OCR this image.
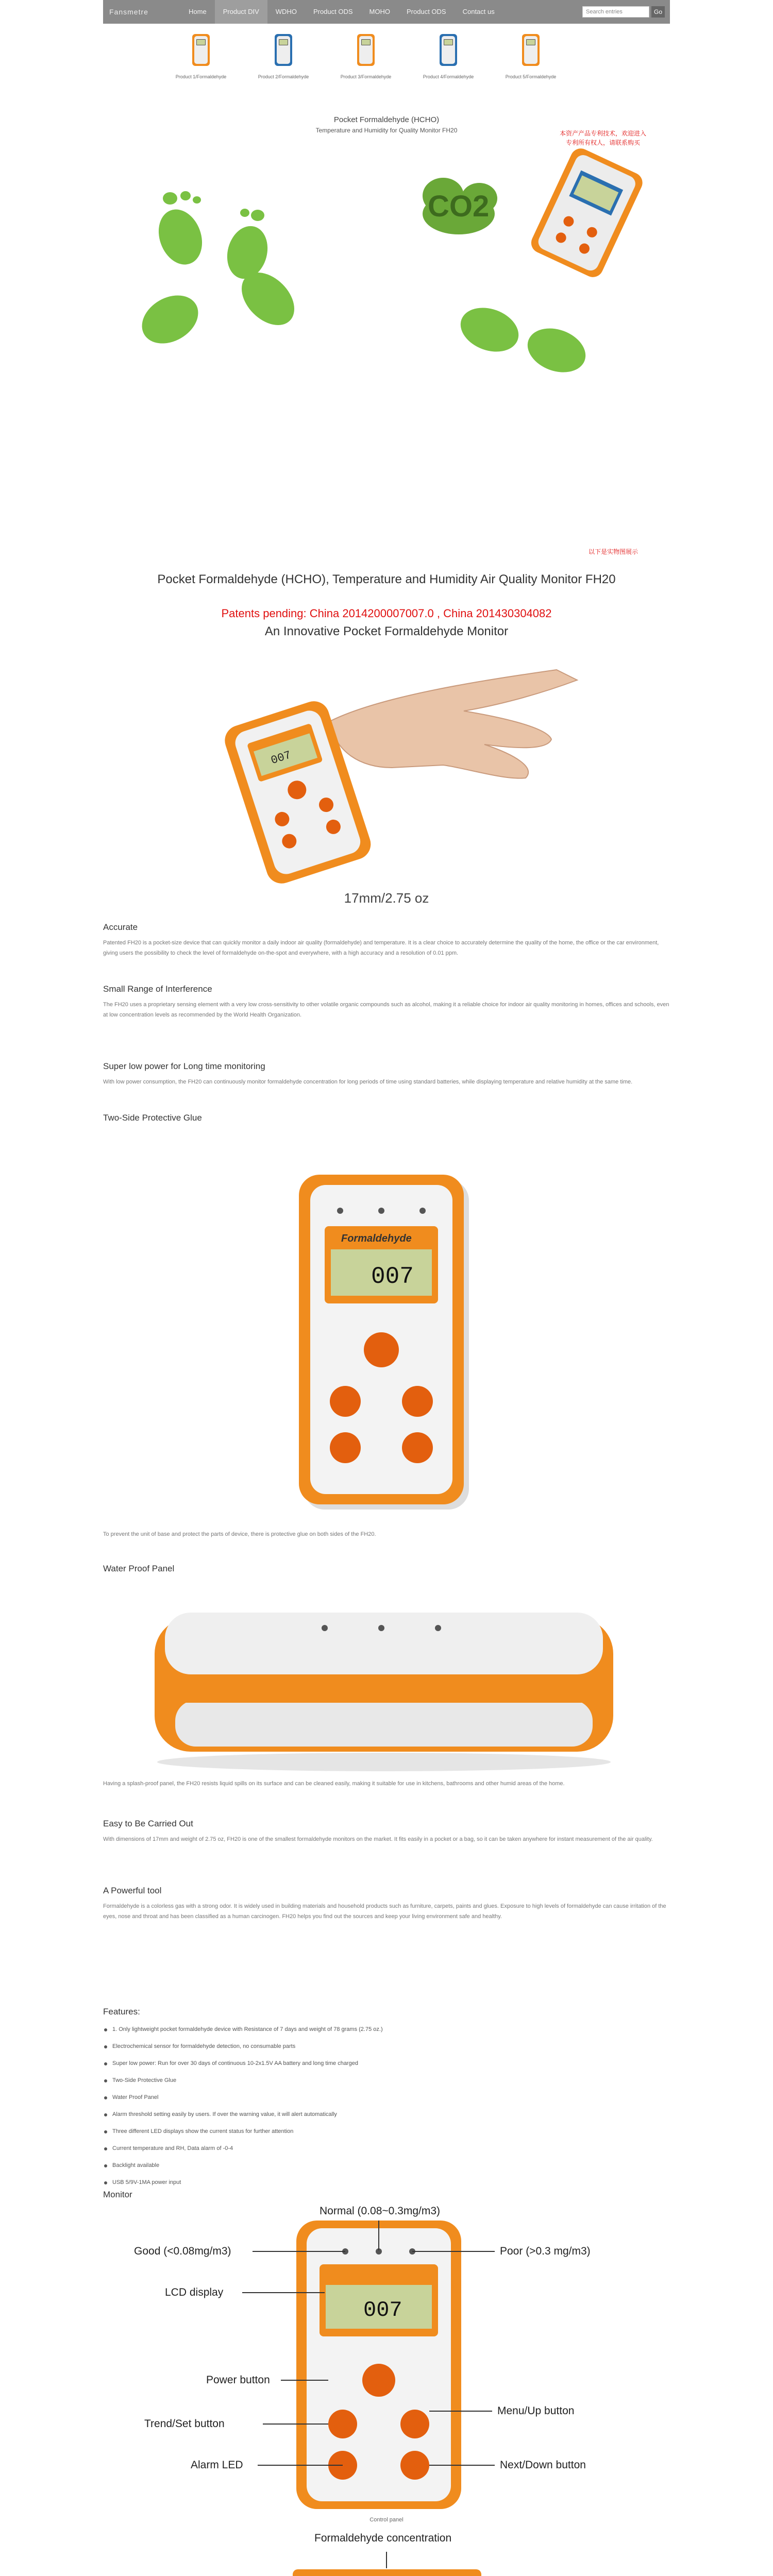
Fansmetre	Home	Product DIV	WDHO	Product ODS	MOHO	Product ODS	Contact us	Search entries	Go
Product 1/Formaldehyde	Product 2/Formaldehyde	Product 3/Formaldehyde	Product 4/Formaldehyde	Product 5/Formaldehyde
CO2
Pocket Formaldehyde (HCHO)
Temperature and Humidity for Quality Monitor FH20	本资产产品专利技术，欢迎进入
专利所有权人，请联系购买
以下是实物图展示
Pocket Formaldehyde (HCHO), Temperature and Humidity Air Quality Monitor FH20
Patents pending: China 2014200007007.0 , China 201430304082
An Innovative Pocket Formaldehyde Monitor
007
17mm/2.75 oz
Accurate
Patented FH20 is a pocket-size device that can quickly monitor a daily indoor air quality (formaldehyde) and temperature. It is a clear choice to accurately determine the quality of the home, the office or the car environment, giving users the possibility to check the level of formaldehyde on-the-spot and everywhere, with a high accuracy and a resolution of 0.01 ppm.
Small Range of Interference
The FH20 uses a proprietary sensing element with a very low cross-sensitivity to other volatile organic compounds such as alcohol, making it a reliable choice for indoor air quality monitoring in homes, offices and schools, even at low concentration levels as recommended by the World Health Organization.
Super low power for Long time monitoring
With low power consumption, the FH20 can continuously monitor formaldehyde concentration for long periods of time using standard batteries, while displaying temperature and relative humidity at the same time.
Two-Side Protective Glue
Formaldehyde
007
To prevent the unit of base and protect the parts of device, there is protective glue on both sides of the FH20.
Water Proof Panel
Having a splash-proof panel, the FH20 resists liquid spills on its surface and can be cleaned easily, making it suitable for use in kitchens, bathrooms and other humid areas of the home.
Easy to Be Carried Out
With dimensions of 17mm and weight of 2.75 oz, FH20 is one of the smallest formaldehyde monitors on the market. It fits easily in a pocket or a bag, so it can be taken anywhere for instant measurement of the air quality.
A Powerful tool
Formaldehyde is a colorless gas with a strong odor. It is widely used in building materials and household products such as furniture, carpets, paints and glues. Exposure to high levels of formaldehyde can cause irritation of the eyes, nose and throat and has been classified as a human carcinogen. FH20 helps you find out the sources and keep your living environment safe and healthy.
Features:
1. Only lightweight pocket formaldehyde device with Resistance of 7 days and weight of 78 grams (2.75 oz.)
Electrochemical sensor for formaldehyde detection, no consumable parts
Super low power: Run for over 30 days of continuous 10-2x1.5V AA battery and long time charged
Two-Side Protective Glue
Water Proof Panel
Alarm threshold setting easily by users. If over the warning value, it will alert automatically
Three different LED displays show the current status for further attention
Current temperature and RH, Data alarm of -0-4
Backlight available
USB 5/9V-1MA power input
Monitor
007
Normal (0.08~0.3mg/m3)
Good (<0.08mg/m3)	Poor (>0.3 mg/m3)
LCD display
Power button
Trend/Set button
Alarm LED
Menu/Up button
Next/Down button
Control panel
Formaldehyde concentration
